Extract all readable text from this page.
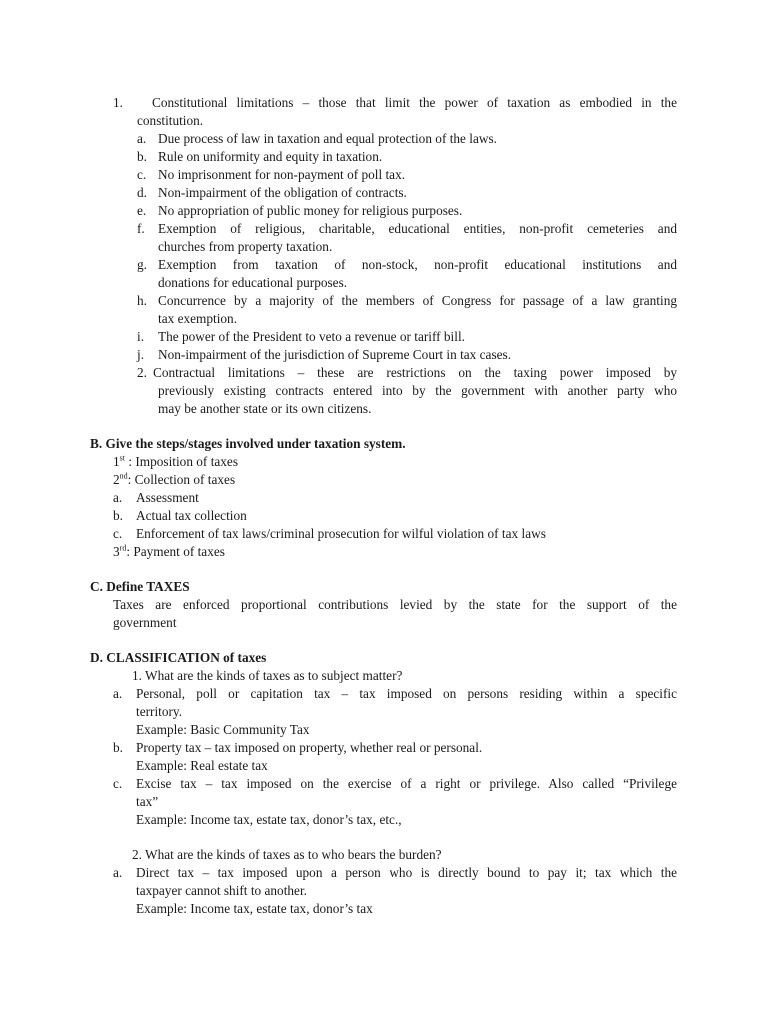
1. Constitutional limitations – those that limit the power of taxation as embodied in the
constitution.
a. Due process of law in taxation and equal protection of the laws.
b. Rule on uniformity and equity in taxation.
c. No imprisonment for non-payment of poll tax.
d. Non-impairment of the obligation of contracts.
e. No appropriation of public money for religious purposes.
f. Exemption of religious, charitable, educational entities, non-profit cemeteries and
churches from property taxation.
g. Exemption from taxation of non-stock, non-profit educational institutions and
donations for educational purposes.
h. Concurrence by a majority of the members of Congress for passage of a law granting
tax exemption.
i. The power of the President to veto a revenue or tariff bill.
j. Non-impairment of the jurisdiction of Supreme Court in tax cases.
2. Contractual limitations – these are restrictions on the taxing power imposed by
previously existing contracts entered into by the government with another party who
may be another state or its own citizens.
B. Give the steps/stages involved under taxation system.
1st : Imposition of taxes
2nd: Collection of taxes
a. Assessment
b. Actual tax collection
c. Enforcement of tax laws/criminal prosecution for wilful violation of tax laws
3rd: Payment of taxes
C. Define TAXES
Taxes are enforced proportional contributions levied by the state for the support of the
government
D. CLASSIFICATION of taxes
1. What are the kinds of taxes as to subject matter?
a. Personal, poll or capitation tax – tax imposed on persons residing within a specific
territory.
Example: Basic Community Tax
b. Property tax – tax imposed on property, whether real or personal.
Example: Real estate tax
c. Excise tax – tax imposed on the exercise of a right or privilege. Also called “Privilege
tax”
Example: Income tax, estate tax, donor’s tax, etc.,
2. What are the kinds of taxes as to who bears the burden?
a. Direct tax – tax imposed upon a person who is directly bound to pay it; tax which the
taxpayer cannot shift to another.
Example: Income tax, estate tax, donor’s tax
